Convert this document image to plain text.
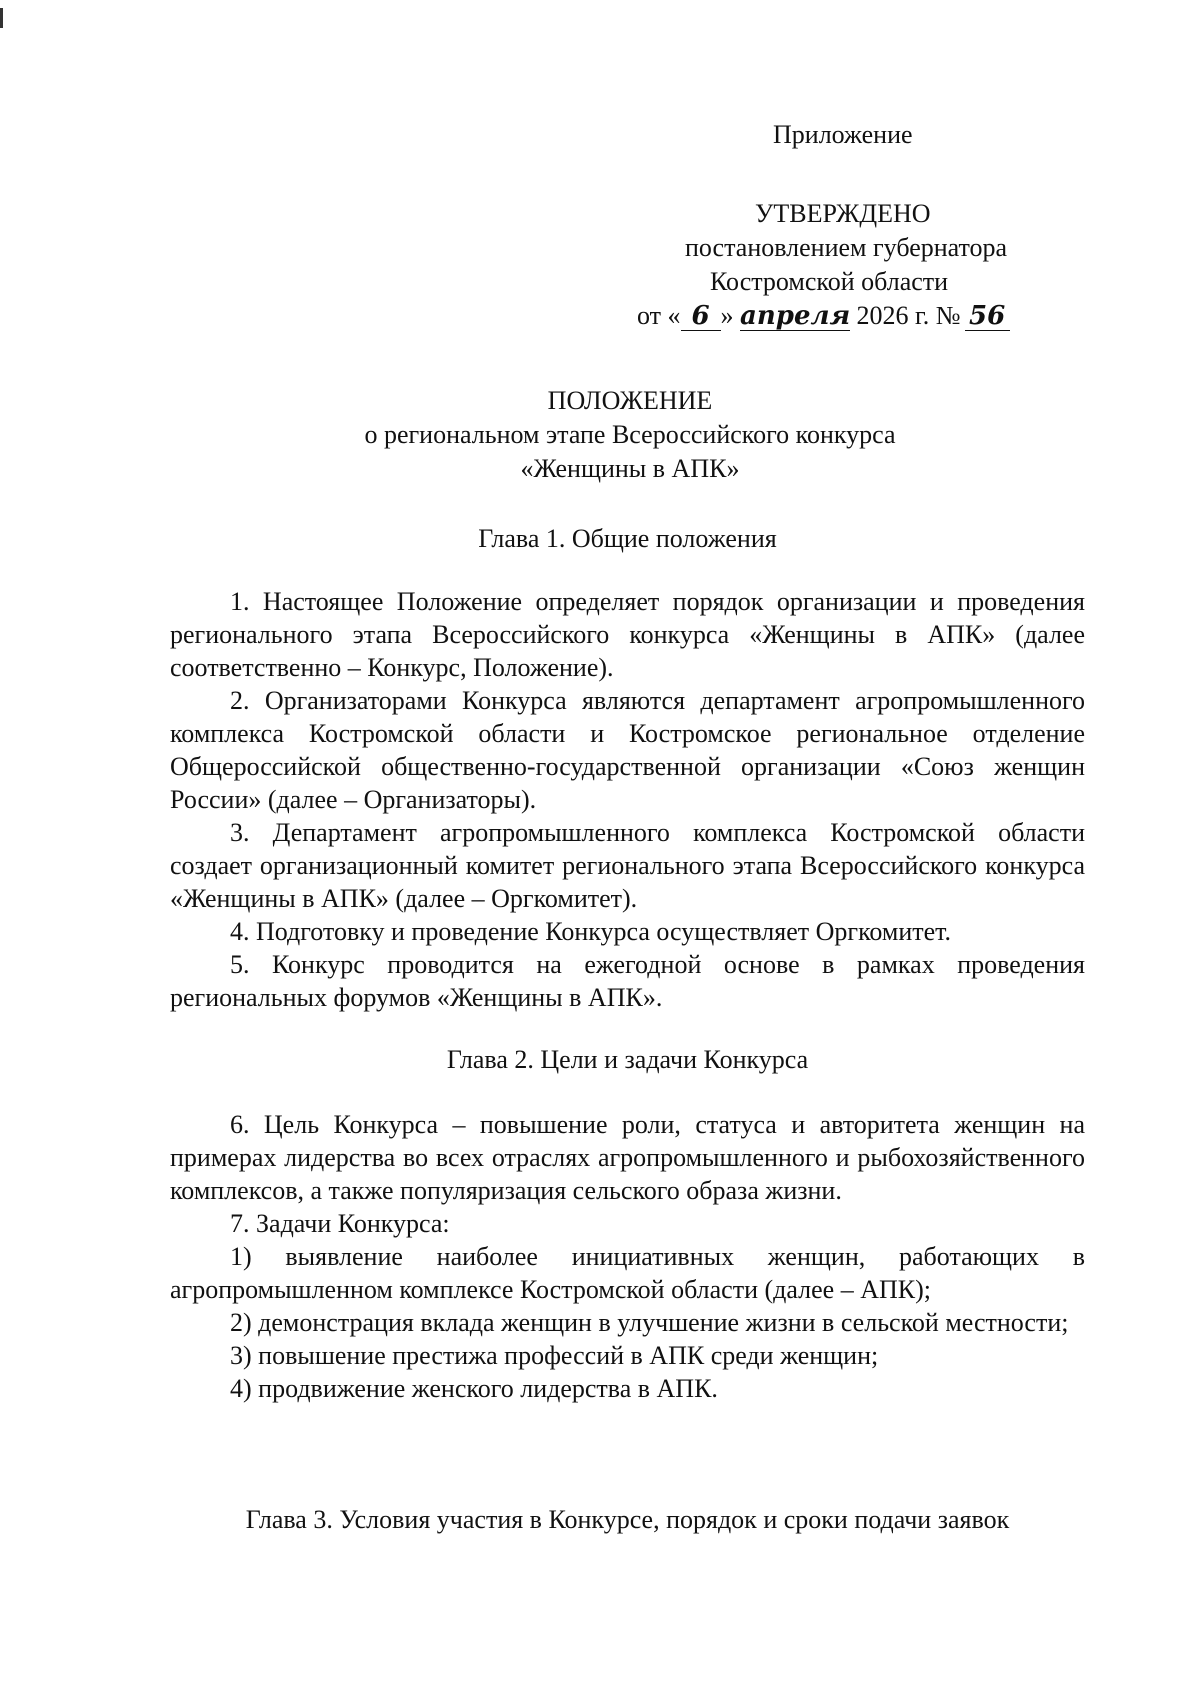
Приложение
УТВЕРЖДЕНО
постановлением губернатора
Костромской области
от « 6 » апреля 2026 г. № 56
ПОЛОЖЕНИЕ
о региональном этапе Всероссийского конкурса
«Женщины в АПК»

Глава 1. Общие положения

1. Настоящее Положение определяет порядок организации и проведения регионального этапа Всероссийского конкурса «Женщины в АПК» (далее соответственно – Конкурс, Положение).

2. Организаторами Конкурса являются департамент агропромышленного комплекса Костромской области и Костромское региональное отделение Общероссийской общественно-государственной организации «Союз женщин России» (далее – Организаторы).

3. Департамент агропромышленного комплекса Костромской области создает организационный комитет регионального этапа Всероссийского конкурса «Женщины в АПК» (далее – Оргкомитет).

4. Подготовку и проведение Конкурса осуществляет Оргкомитет.

5. Конкурс проводится на ежегодной основе в рамках проведения региональных форумов «Женщины в АПК».

Глава 2. Цели и задачи Конкурса

6. Цель Конкурса – повышение роли, статуса и авторитета женщин на примерах лидерства во всех отраслях агропромышленного и рыбохозяйственного комплексов, а также популяризация сельского образа жизни.

7. Задачи Конкурса:

1) выявление наиболее инициативных женщин, работающих в агропромышленном комплексе Костромской области (далее – АПК);

2) демонстрация вклада женщин в улучшение жизни в сельской местности;

3) повышение престижа профессий в АПК среди женщин;

4) продвижение женского лидерства в АПК.

Глава 3. Условия участия в Конкурсе, порядок и сроки подачи заявок
